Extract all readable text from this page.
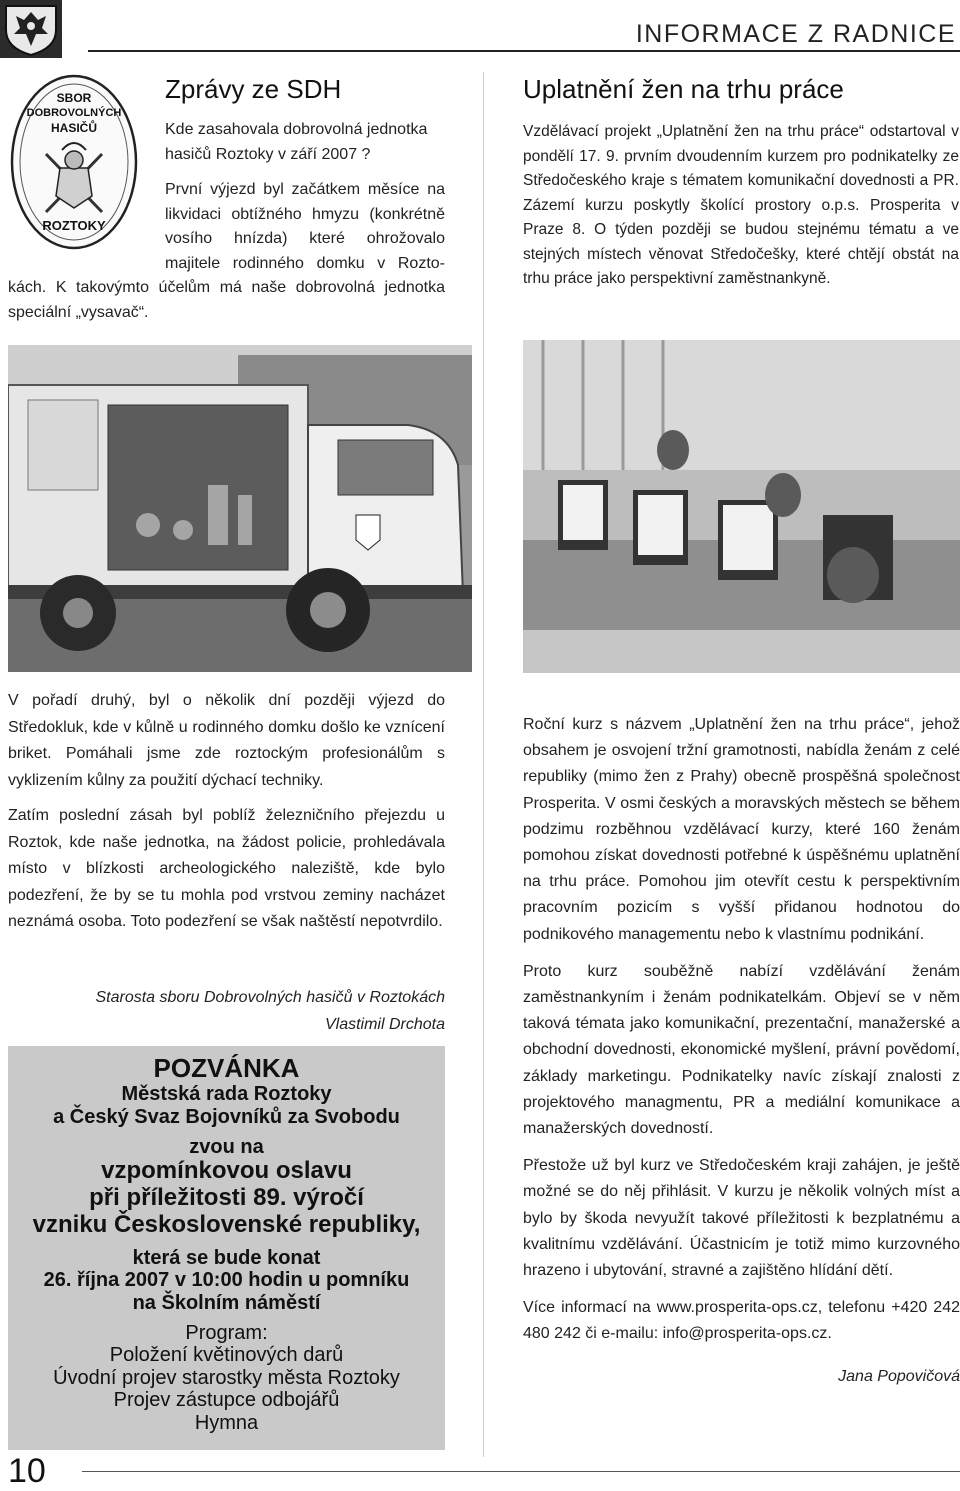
INFORMACE Z RADNICE
SBOR
DOBROVOLNÝCH
HASIČŮ
ROZTOKY
Zprávy ze SDH
Kde zasahovala dobrovolná jednotka
hasičů Roztoky v září 2007 ?
První výjezd byl začátkem měsíce na
likvidaci obtížného hmyzu (konkrétně
vosího hnízda) které ohrožovalo
majitele rodinného domku v Rozto-
kách. K takovýmto účelům má naše dobrovolná jednotka speciální „vysavač“.
Uplatnění žen na trhu práce
Vzdělávací projekt „Uplatnění žen na trhu práce“ odstartoval v pondělí 17. 9. prvním dvoudenním kurzem pro podnikatelky ze Středočeského kraje s tématem komunikační dovednosti a PR. Zázemí kurzu poskytly školící prostory o.p.s. Prosperita v Praze 8. O týden později se budou stejnému tématu a ve stejných místech věnovat Středočešky, které chtějí obstát na trhu práce jako perspektivní zaměstnankyně.

V pořadí druhý, byl o několik dní později výjezd do Středokluk, kde v kůlně u rodinného domku došlo ke vznícení briket. Pomáhali jsme zde roztockým profesionálům s vyklizením kůlny za použití dýchací techniky.

Zatím poslední zásah byl poblíž železničního přejezdu u Roztok, kde naše jednotka, na žádost policie, prohledávala místo v blízkosti archeologického naleziště, kde bylo podezření, že by se tu mohla pod vrstvou zeminy nacházet neznámá osoba. Toto podezření se však naštěstí nepotvrdilo.

Starosta sboru Dobrovolných hasičů v Roztokách
Vlastimil Drchota
POZVÁNKA
Městská rada Roztoky
a Český Svaz Bojovníků za Svobodu
zvou na
vzpomínkovou oslavu
při příležitosti 89. výročí
vzniku Československé republiky,
která se bude konat
26. října 2007 v 10:00 hodin u pomníku
na Školním náměstí
Program:
Položení květinových darů
Úvodní projev starostky města Roztoky
Projev zástupce odbojářů
Hymna

Roční kurz s názvem „Uplatnění žen na trhu práce“, jehož obsahem je osvojení tržní gramotnosti, nabídla ženám z celé republiky (mimo žen z Prahy) obecně prospěšná společnost Prosperita. V osmi českých a moravských městech se během podzimu rozběhnou vzdělávací kurzy, které 160 ženám pomohou získat dovednosti potřebné k úspěšnému uplatnění na trhu práce. Pomohou jim otevřít cestu k perspektivním pracovním pozicím s vyšší přidanou hodnotou do podnikového managementu nebo k vlastnímu podnikání.

Proto kurz souběžně nabízí vzdělávání ženám zaměstnankyním i ženám podnikatelkám. Objeví se v něm taková témata jako komunikační, prezentační, manažerské a obchodní dovednosti, ekonomické myšlení, právní povědomí, základy marketingu. Podnikatelky navíc získají znalosti z projektového managmentu, PR a mediální komunikace a manažerských dovedností.

Přestože už byl kurz ve Středočeském kraji zahájen, je ještě možné se do něj přihlásit. V kurzu je několik volných míst a bylo by škoda nevyužít takové příležitosti k bezplatnému a kvalitnímu vzdělávání. Účastnicím je totiž mimo kurzovného hrazeno i ubytování, stravné a zajištěno hlídání dětí.

Více informací na www.prosperita-ops.cz, telefonu +420 242 480 242 či e-mailu: info@prosperita-ops.cz.

Jana Popovičová
10
